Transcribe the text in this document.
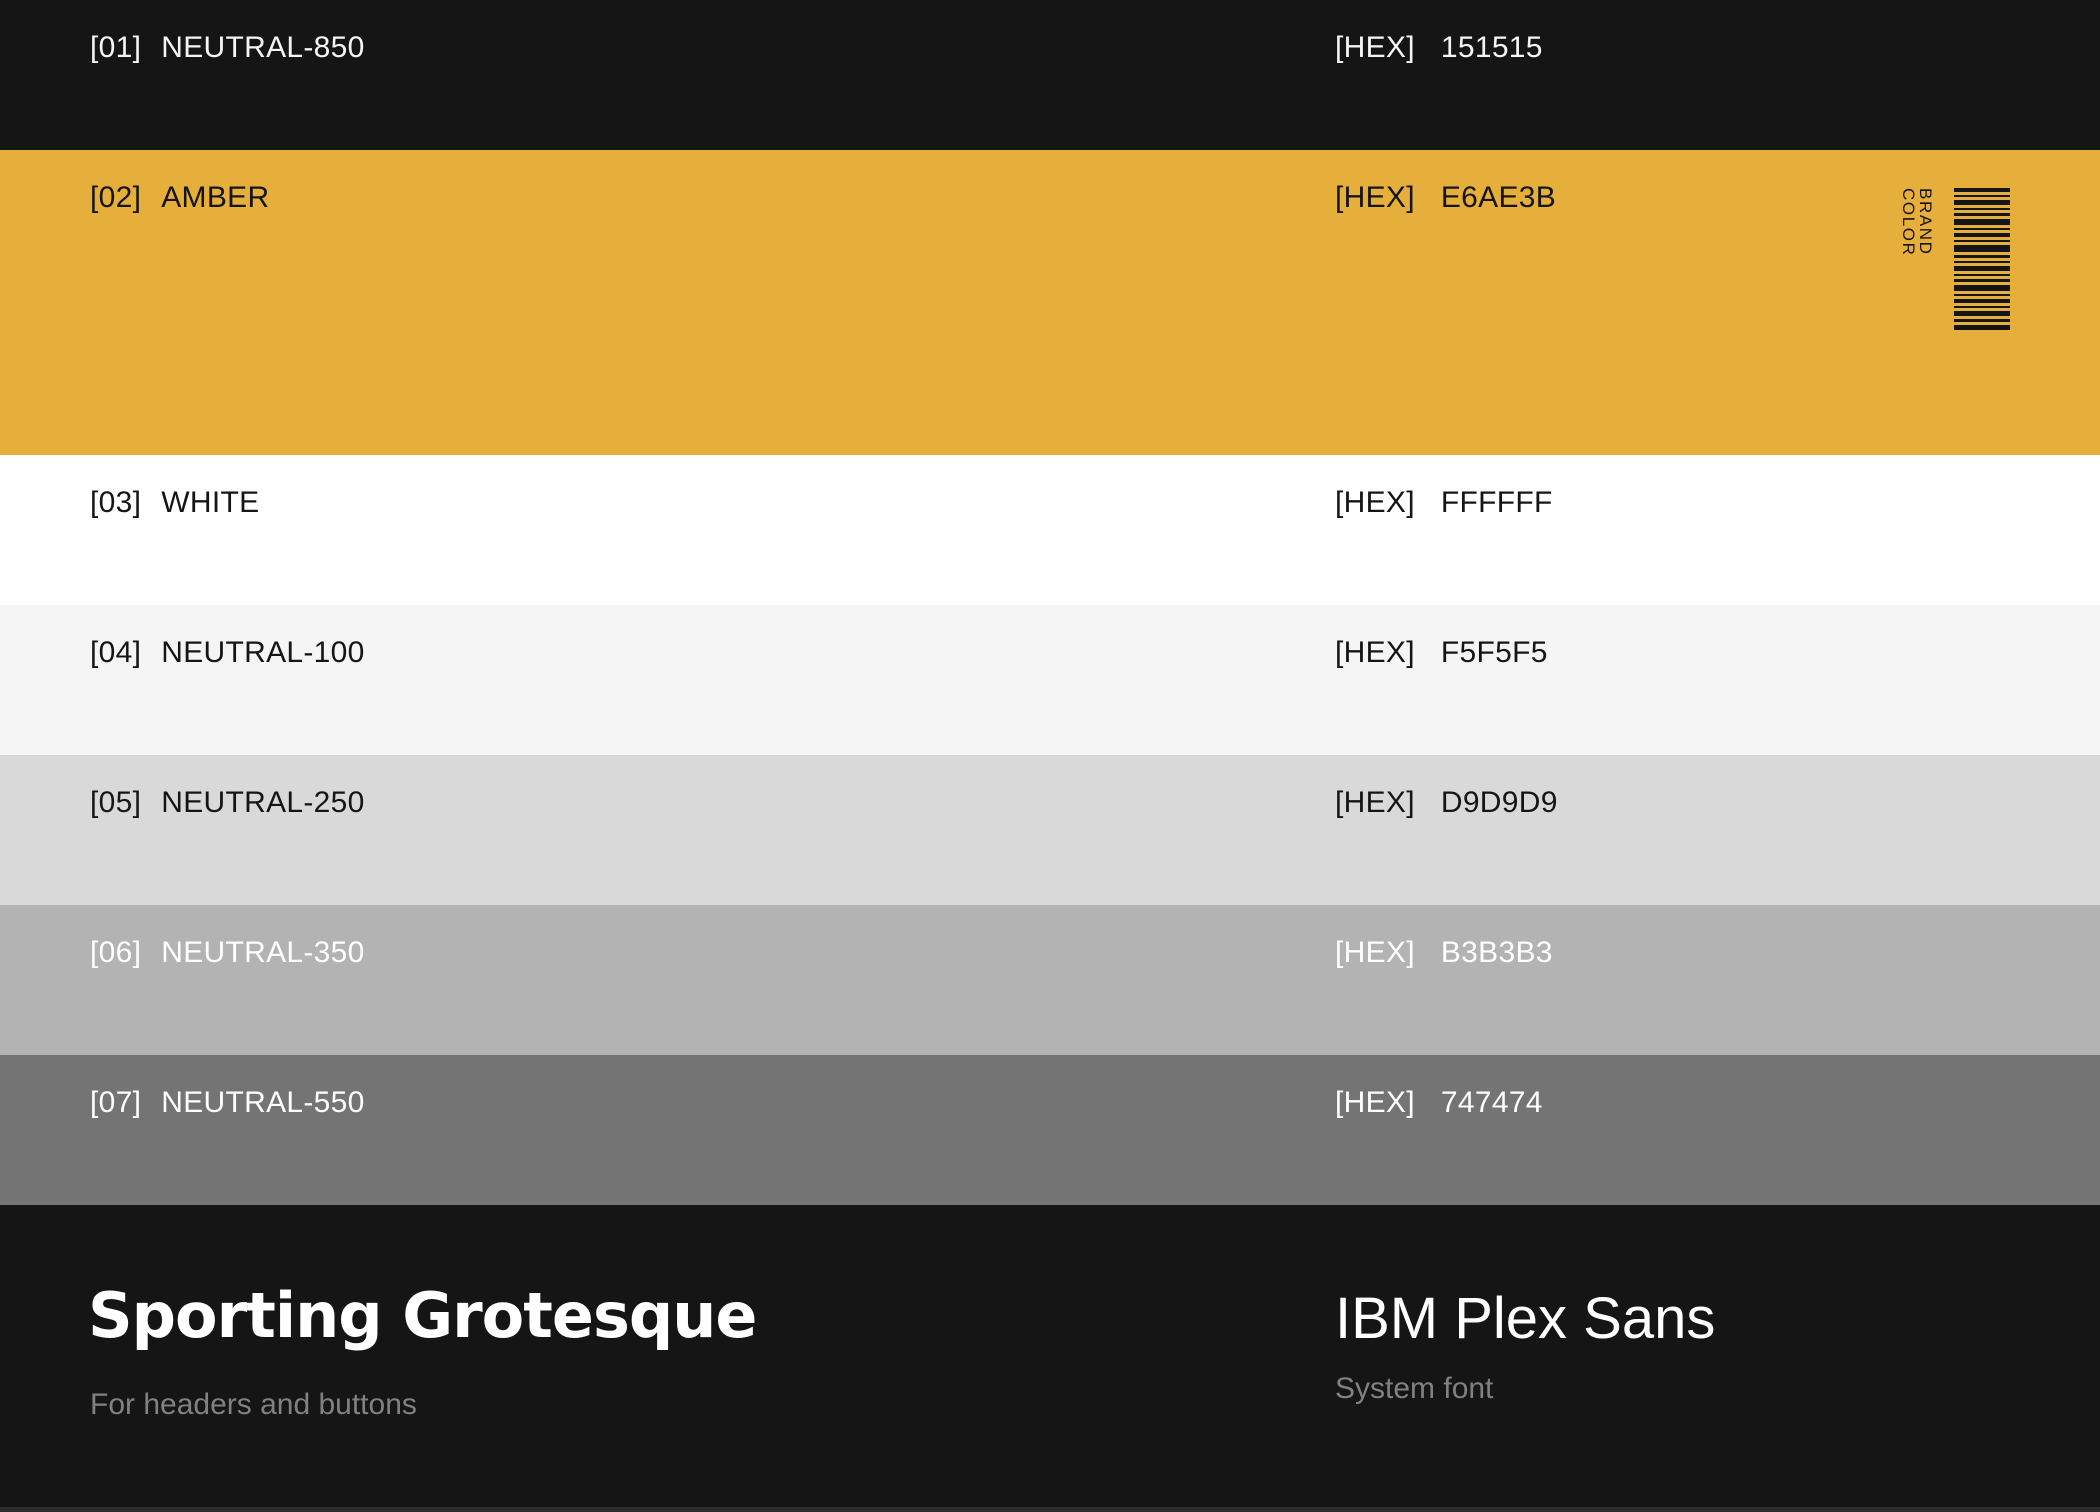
[01] NEUTRAL-850	[HEX] 151515
[02] AMBER	[HEX] E6AE3B	BRAND COLOR
[03] WHITE	[HEX] FFFFFF
[04] NEUTRAL-100	[HEX] F5F5F5
[05] NEUTRAL-250	[HEX] D9D9D9
[06] NEUTRAL-350	[HEX] B3B3B3
[07] NEUTRAL-550	[HEX] 747474
Sporting Grotesque
For headers and buttons
IBM Plex Sans
System font
